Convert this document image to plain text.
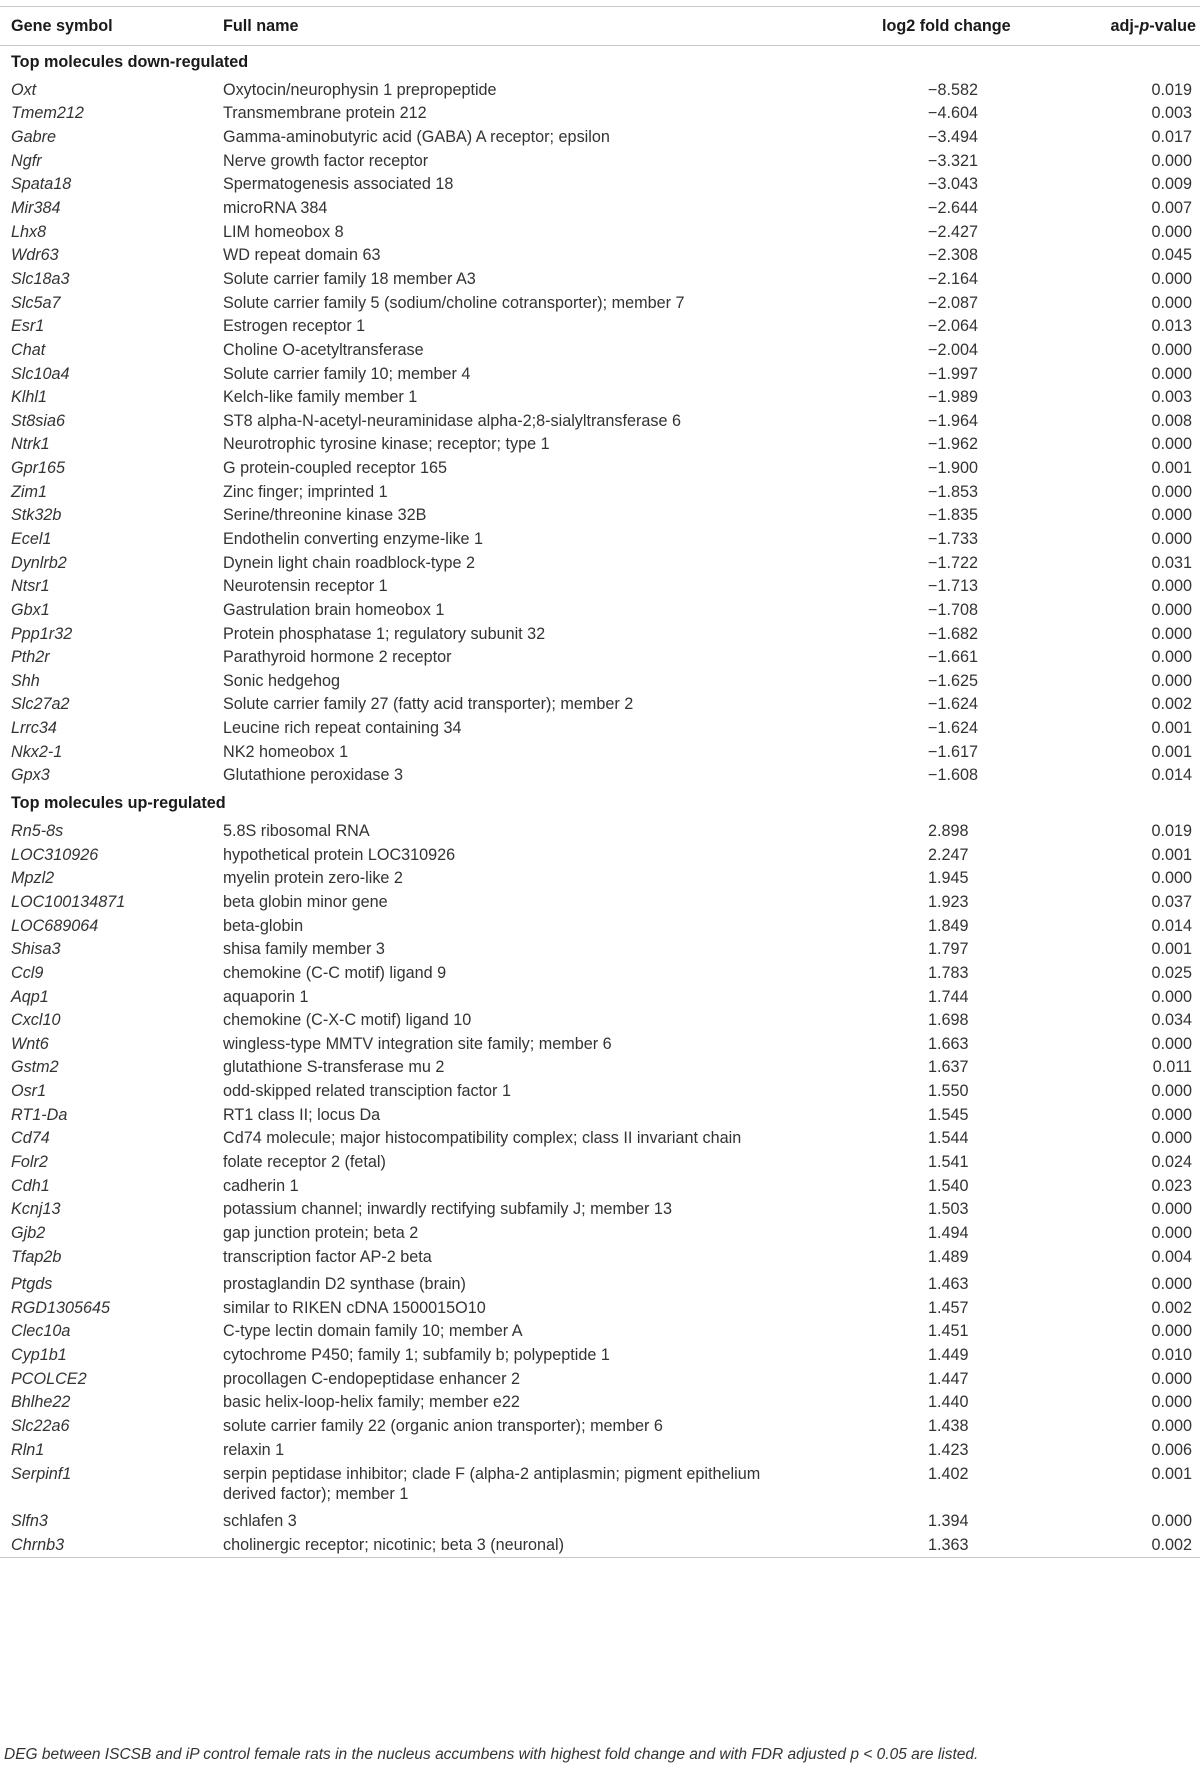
Gene symbol	Full name	log2 fold change	adj-p-value
Top molecules down-regulated			
Oxt	Oxytocin/neurophysin 1 prepropeptide	−8.582	0.019
Tmem212	Transmembrane protein 212	−4.604	0.003
Gabre	Gamma-aminobutyric acid (GABA) A receptor; epsilon	−3.494	0.017
Ngfr	Nerve growth factor receptor	−3.321	0.000
Spata18	Spermatogenesis associated 18	−3.043	0.009
Mir384	microRNA 384	−2.644	0.007
Lhx8	LIM homeobox 8	−2.427	0.000
Wdr63	WD repeat domain 63	−2.308	0.045
Slc18a3	Solute carrier family 18 member A3	−2.164	0.000
Slc5a7	Solute carrier family 5 (sodium/choline cotransporter); member 7	−2.087	0.000
Esr1	Estrogen receptor 1	−2.064	0.013
Chat	Choline O-acetyltransferase	−2.004	0.000
Slc10a4	Solute carrier family 10; member 4	−1.997	0.000
Klhl1	Kelch-like family member 1	−1.989	0.003
St8sia6	ST8 alpha-N-acetyl-neuraminidase alpha-2;8-sialyltransferase 6	−1.964	0.008
Ntrk1	Neurotrophic tyrosine kinase; receptor; type 1	−1.962	0.000
Gpr165	G protein-coupled receptor 165	−1.900	0.001
Zim1	Zinc finger; imprinted 1	−1.853	0.000
Stk32b	Serine/threonine kinase 32B	−1.835	0.000
Ecel1	Endothelin converting enzyme-like 1	−1.733	0.000
Dynlrb2	Dynein light chain roadblock-type 2	−1.722	0.031
Ntsr1	Neurotensin receptor 1	−1.713	0.000
Gbx1	Gastrulation brain homeobox 1	−1.708	0.000
Ppp1r32	Protein phosphatase 1; regulatory subunit 32	−1.682	0.000
Pth2r	Parathyroid hormone 2 receptor	−1.661	0.000
Shh	Sonic hedgehog	−1.625	0.000
Slc27a2	Solute carrier family 27 (fatty acid transporter); member 2	−1.624	0.002
Lrrc34	Leucine rich repeat containing 34	−1.624	0.001
Nkx2-1	NK2 homeobox 1	−1.617	0.001
Gpx3	Glutathione peroxidase 3	−1.608	0.014
Top molecules up-regulated			
Rn5-8s	5.8S ribosomal RNA	2.898	0.019
LOC310926	hypothetical protein LOC310926	2.247	0.001
Mpzl2	myelin protein zero-like 2	1.945	0.000
LOC100134871	beta globin minor gene	1.923	0.037
LOC689064	beta-globin	1.849	0.014
Shisa3	shisa family member 3	1.797	0.001
Ccl9	chemokine (C-C motif) ligand 9	1.783	0.025
Aqp1	aquaporin 1	1.744	0.000
Cxcl10	chemokine (C-X-C motif) ligand 10	1.698	0.034
Wnt6	wingless-type MMTV integration site family; member 6	1.663	0.000
Gstm2	glutathione S-transferase mu 2	1.637	0.011
Osr1	odd-skipped related transciption factor 1	1.550	0.000
RT1-Da	RT1 class II; locus Da	1.545	0.000
Cd74	Cd74 molecule; major histocompatibility complex; class II invariant chain	1.544	0.000
Folr2	folate receptor 2 (fetal)	1.541	0.024
Cdh1	cadherin 1	1.540	0.023
Kcnj13	potassium channel; inwardly rectifying subfamily J; member 13	1.503	0.000
Gjb2	gap junction protein; beta 2	1.494	0.000
Tfap2b	transcription factor AP-2 beta	1.489	0.004

Ptgds	prostaglandin D2 synthase (brain)	1.463	0.000
RGD1305645	similar to RIKEN cDNA 1500015O10	1.457	0.002
Clec10a	C-type lectin domain family 10; member A	1.451	0.000
Cyp1b1	cytochrome P450; family 1; subfamily b; polypeptide 1	1.449	0.010
PCOLCE2	procollagen C-endopeptidase enhancer 2	1.447	0.000
Bhlhe22	basic helix-loop-helix family; member e22	1.440	0.000
Slc22a6	solute carrier family 22 (organic anion transporter); member 6	1.438	0.000
Rln1	relaxin 1	1.423	0.006
Serpinf1	serpin peptidase inhibitor; clade F (alpha-2 antiplasmin; pigment epithelium derived factor); member 1	1.402	0.001
Slfn3	schlafen 3	1.394	0.000
Chrnb3	cholinergic receptor; nicotinic; beta 3 (neuronal)	1.363	0.002
DEG between ISCSB and iP control female rats in the nucleus accumbens with highest fold change and with FDR adjusted p < 0.05 are listed.
